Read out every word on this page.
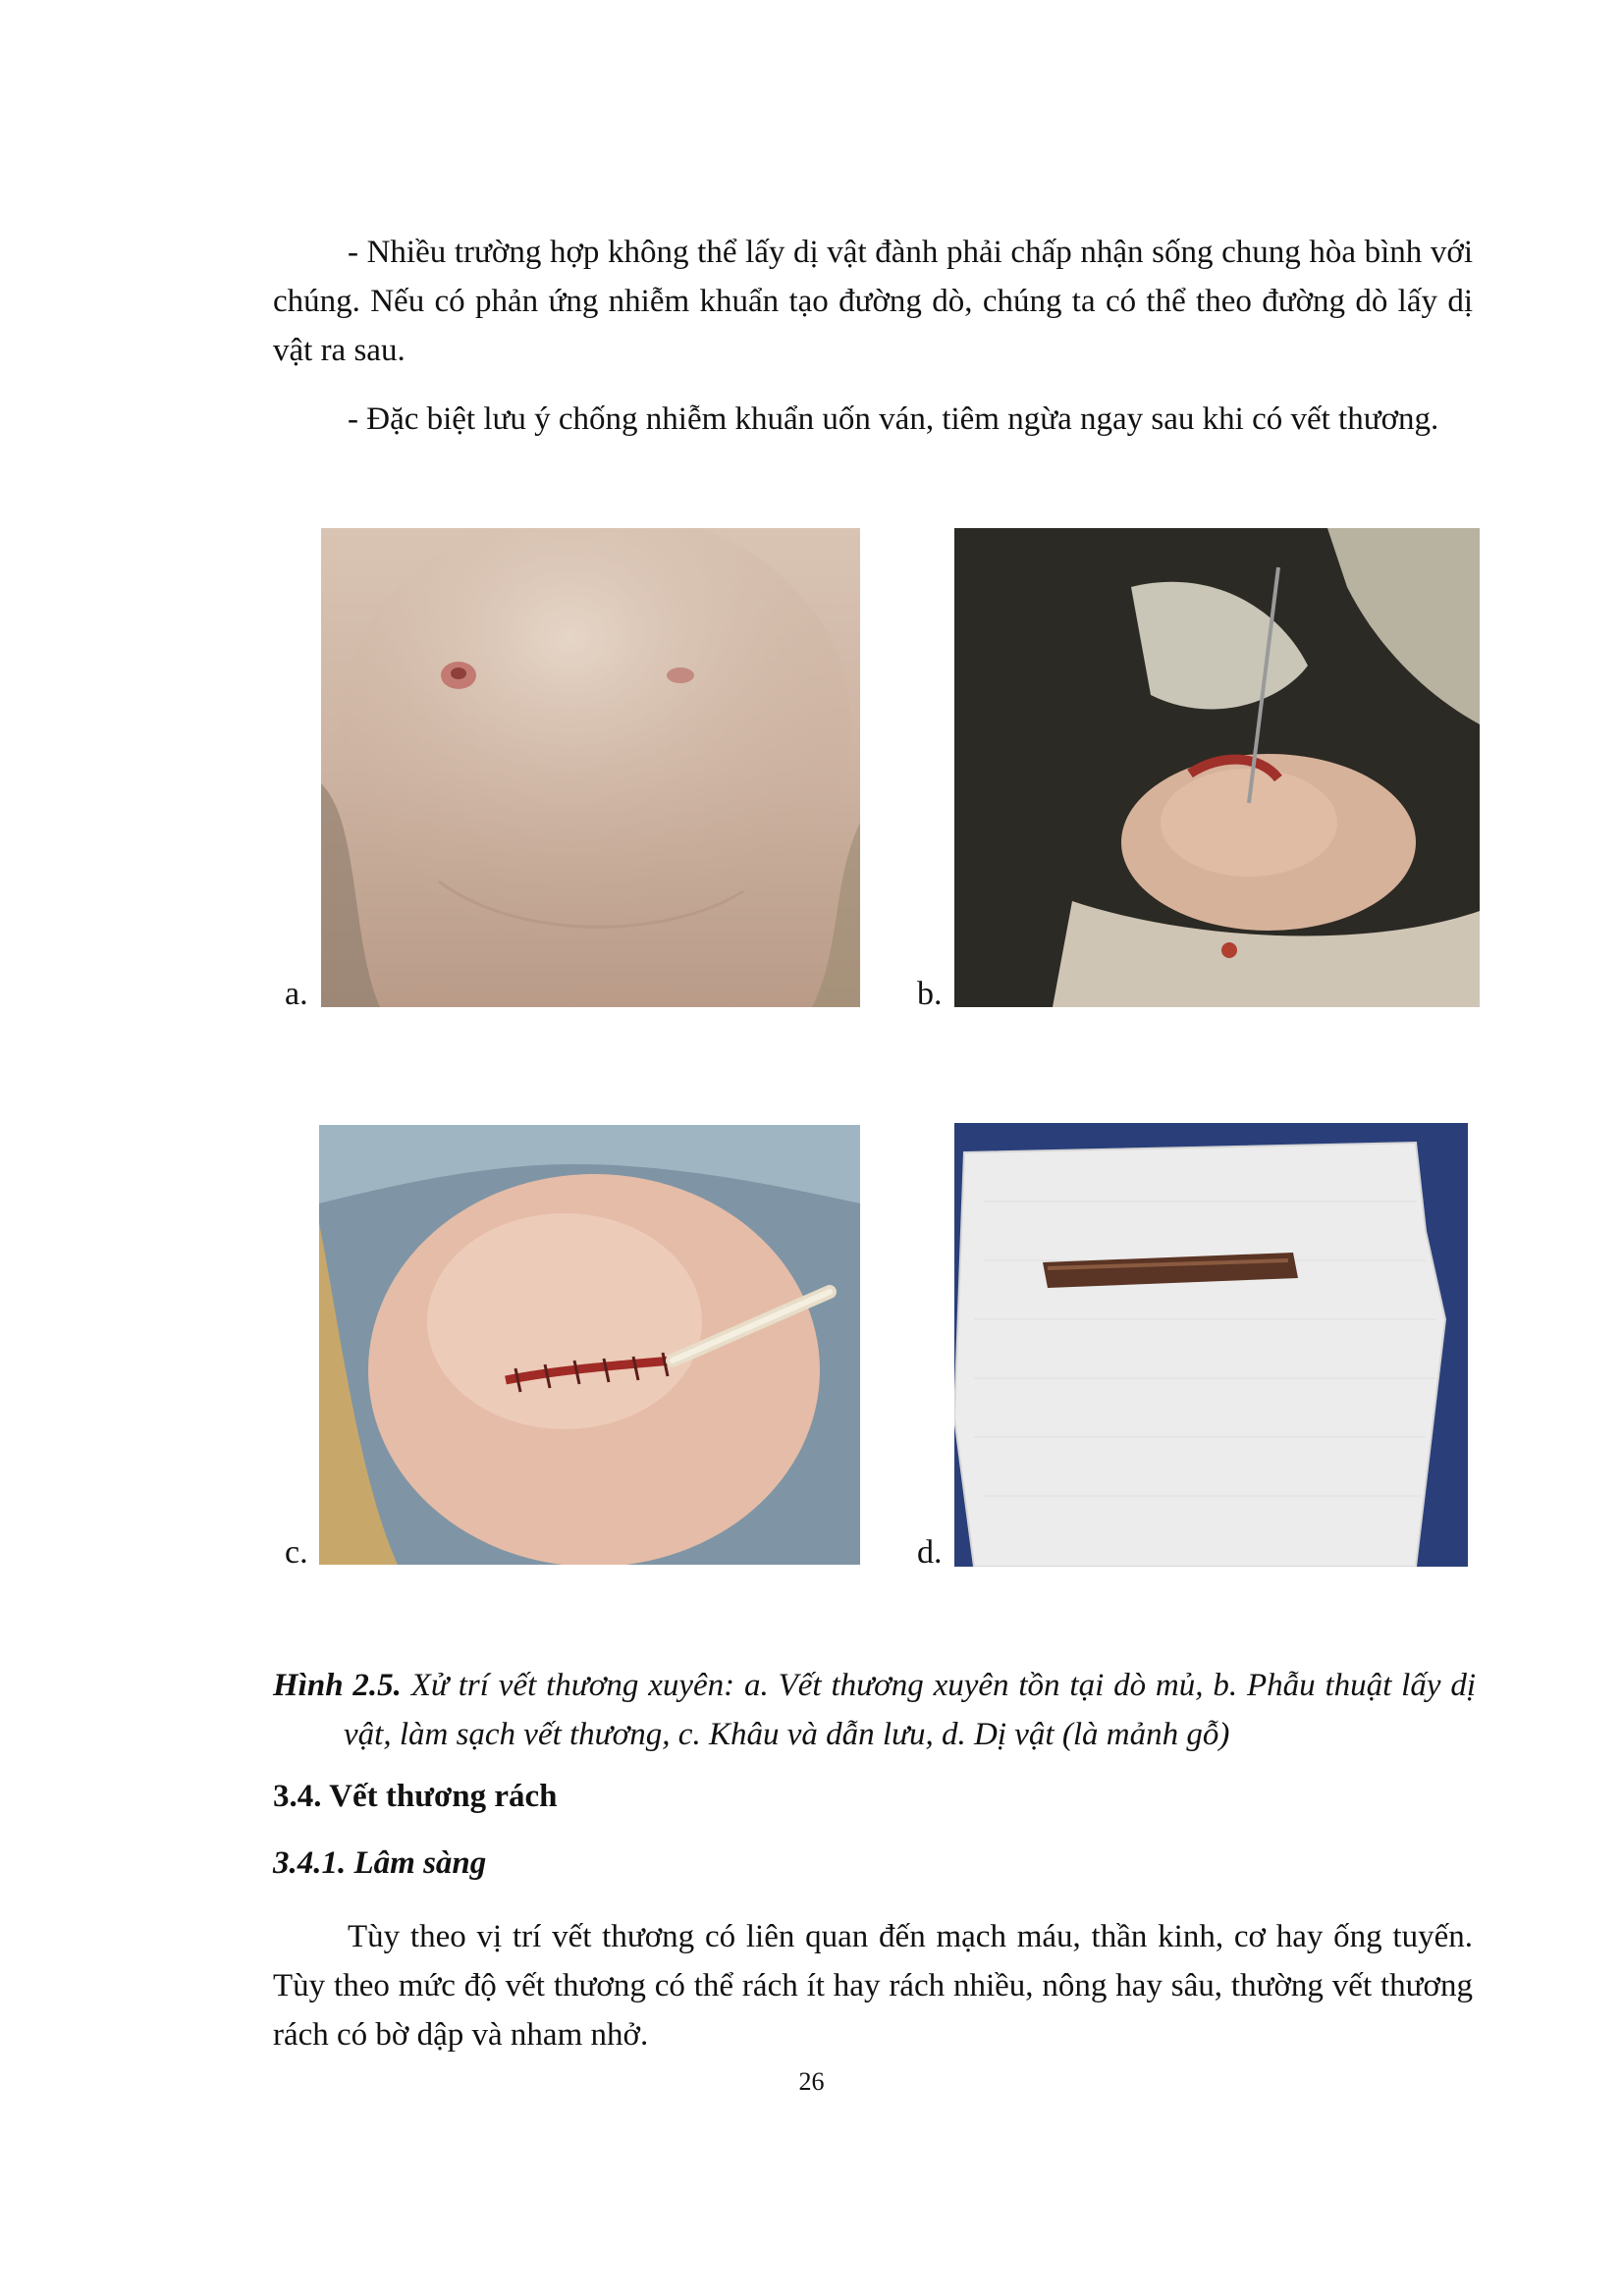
- Nhiều trường hợp không thể lấy dị vật đành phải chấp nhận sống chung hòa bình với chúng. Nếu có phản ứng nhiễm khuẩn tạo đường dò, chúng ta có thể theo đường dò lấy dị vật ra sau.

- Đặc biệt lưu ý chống nhiễm khuẩn uốn ván, tiêm ngừa ngay sau khi có vết thương.

a.	b.
c.	d.

Hình 2.5. Xử trí vết thương xuyên: a. Vết thương xuyên tồn tại dò mủ, b. Phẫu thuật lấy dị vật, làm sạch vết thương, c. Khâu và dẫn lưu, d. Dị vật (là mảnh gỗ)

3.4. Vết thương rách

3.4.1. Lâm sàng

Tùy theo vị trí vết thương có liên quan đến mạch máu, thần kinh, cơ hay ống tuyến. Tùy theo mức độ vết thương có thể rách ít hay rách nhiều, nông hay sâu, thường vết thương rách có bờ dập và nham nhở.

26
